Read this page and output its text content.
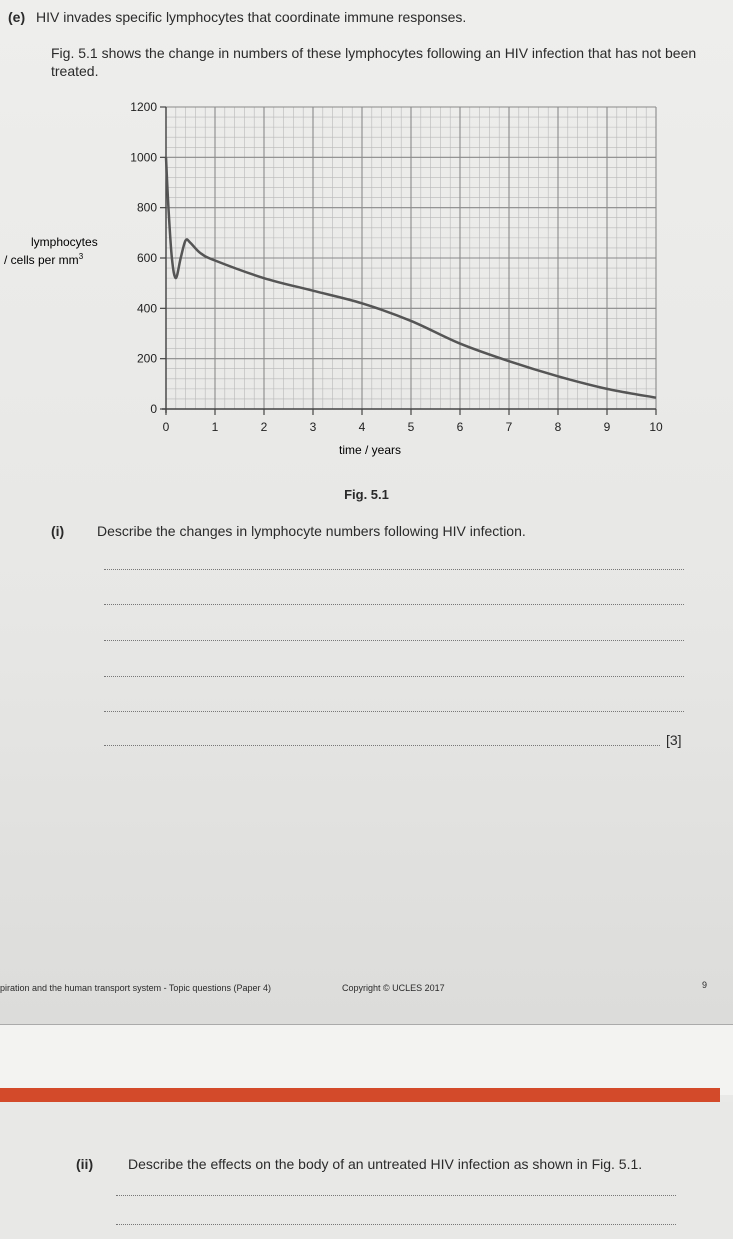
(e) HIV invades specific lymphocytes that coordinate immune responses.
Fig. 5.1 shows the change in numbers of these lymphocytes following an HIV infection that has not been treated.
0
200
400
600
800
1000
1200
0	1	2	3	4	5	6	7	8	9	10
time / years
lymphocytes
/ cells per $mm^3$
Fig. 5.1
(i) Describe the changes in lymphocyte numbers following HIV infection.
[3]
piration and the human transport system - Topic questions (Paper 4)	Copyright © UCLES 2017	9
(ii) Describe the effects on the body of an untreated HIV infection as shown in Fig. 5.1.
